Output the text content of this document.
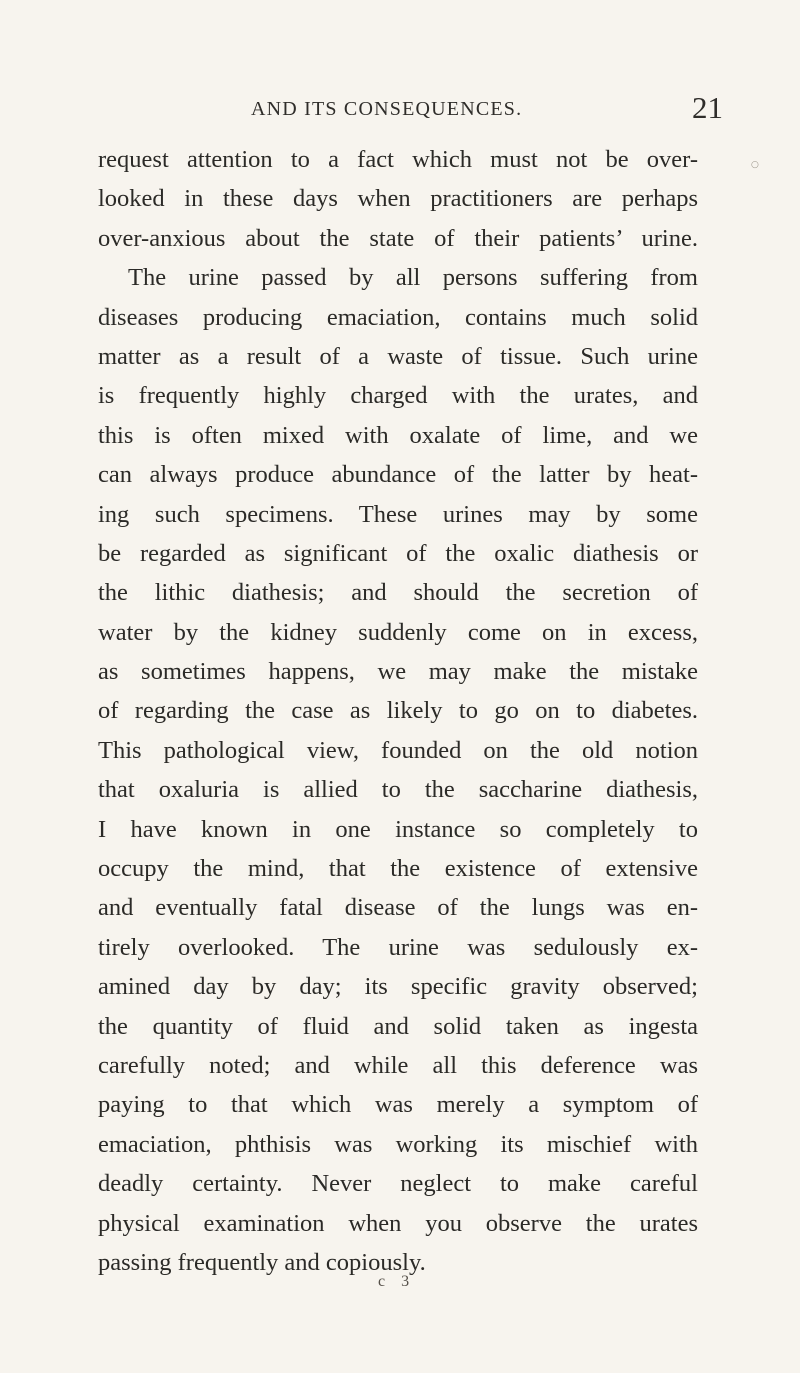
AND ITS CONSEQUENCES.	21
○
request attention to a fact which must not be over-
looked in these days when practitioners are perhaps
over-anxious about the state of their patients’ urine.
The urine passed by all persons suffering from
diseases producing emaciation, contains much solid
matter as a result of a waste of tissue. Such urine
is frequently highly charged with the urates, and
this is often mixed with oxalate of lime, and we
can always produce abundance of the latter by heat-
ing such specimens. These urines may by some
be regarded as significant of the oxalic diathesis or
the lithic diathesis; and should the secretion of
water by the kidney suddenly come on in excess,
as sometimes happens, we may make the mistake
of regarding the case as likely to go on to diabetes.
This pathological view, founded on the old notion
that oxaluria is allied to the saccharine diathesis,
I have known in one instance so completely to
occupy the mind, that the existence of extensive
and eventually fatal disease of the lungs was en-
tirely overlooked. The urine was sedulously ex-
amined day by day; its specific gravity observed;
the quantity of fluid and solid taken as ingesta
carefully noted; and while all this deference was
paying to that which was merely a symptom of
emaciation, phthisis was working its mischief with
deadly certainty. Never neglect to make careful
physical examination when you observe the urates
passing frequently and copiously.
c 3
